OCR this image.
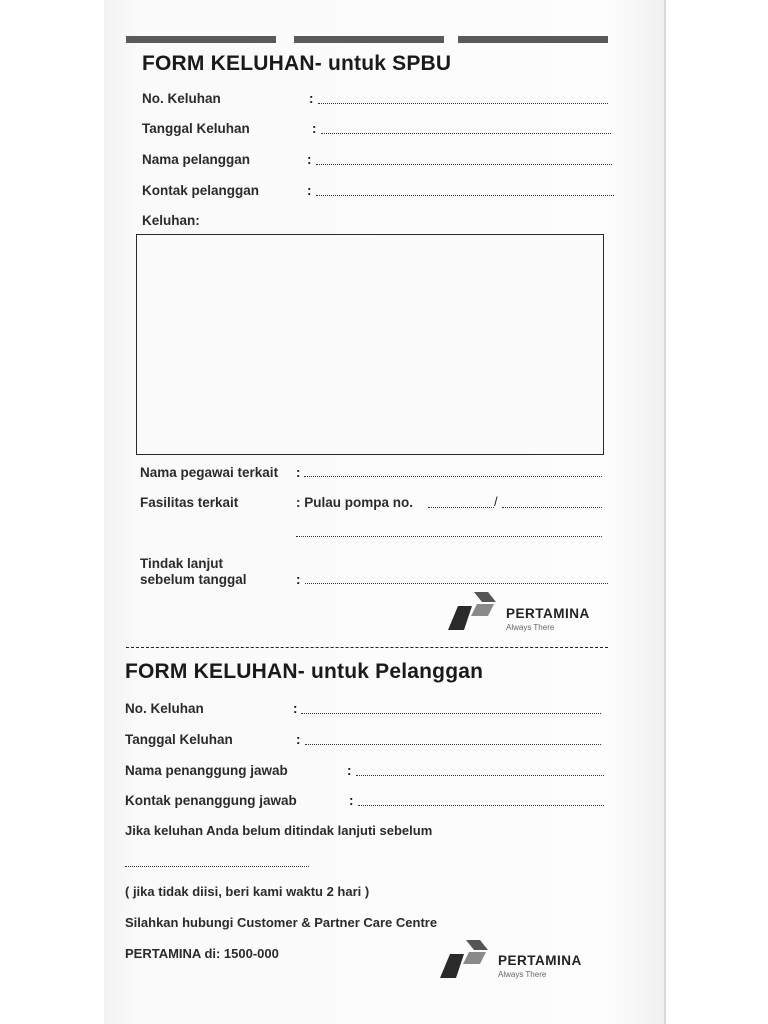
FORM KELUHAN- untuk SPBU
No. Keluhan	:
Tanggal Keluhan	:
Nama pelanggan	:
Kontak pelanggan	:
Keluhan:
Nama pegawai terkait :
Fasilitas terkait	: Pulau pompa no.	/
Tindak lanjut
sebelum tanggal	:
PERTAMINA
Always There
FORM KELUHAN- untuk Pelanggan
No. Keluhan	:
Tanggal Keluhan	:
Nama penanggung jawab	:
Kontak penanggung jawab	:
Jika keluhan Anda belum ditindak lanjuti sebelum
( jika tidak diisi, beri kami waktu 2 hari )
Silahkan hubungi Customer & Partner Care Centre
PERTAMINA di: 1500-000	PERTAMINA
Always There
